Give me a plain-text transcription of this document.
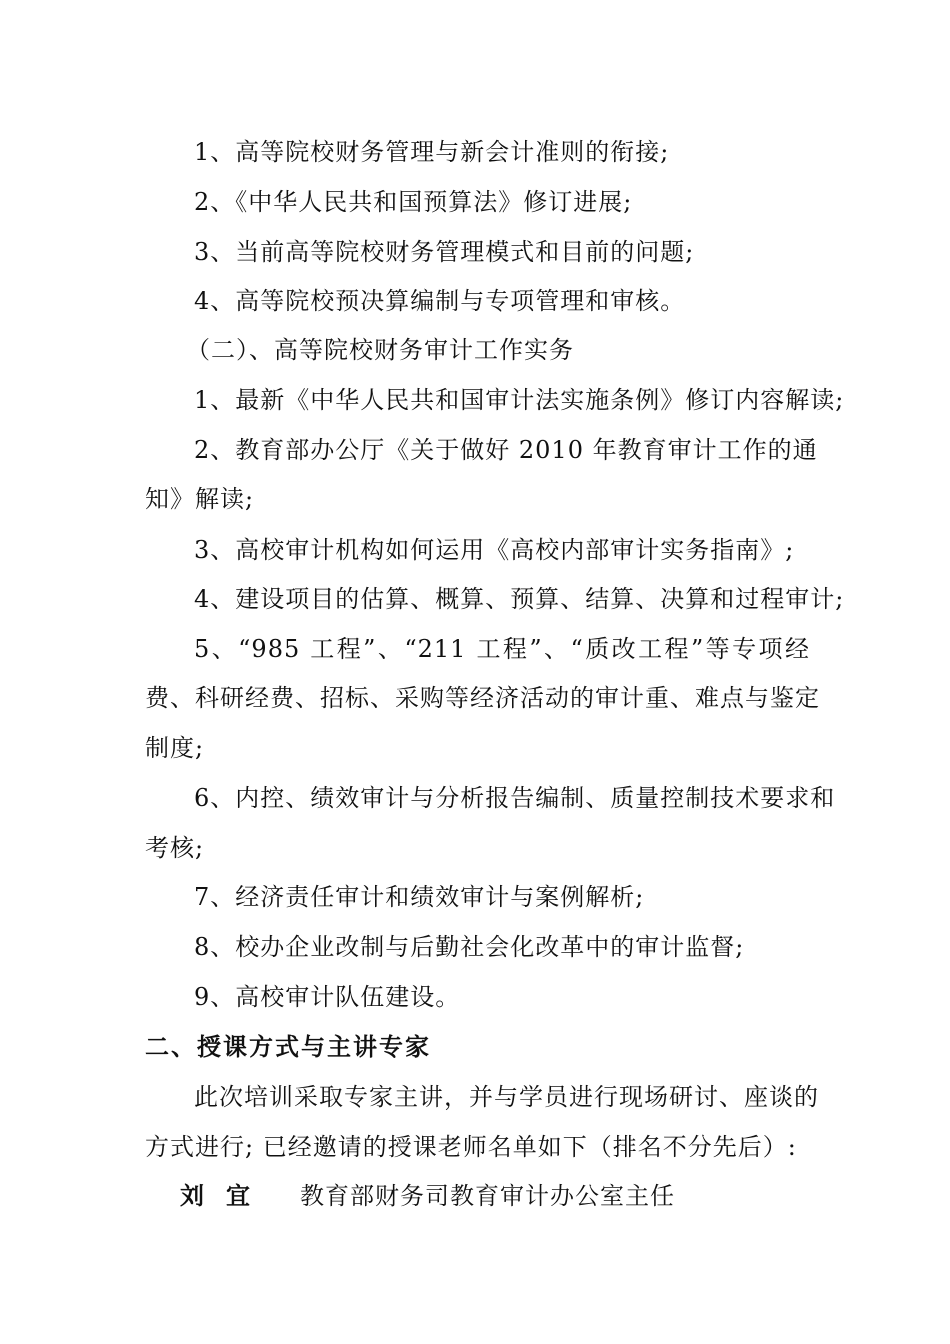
1、高等院校财务管理与新会计准则的衔接;
2、《中华人民共和国预算法》修订进展;
3、当前高等院校财务管理模式和目前的问题;
4、高等院校预决算编制与专项管理和审核。
（二）、高等院校财务审计工作实务
1、最新《中华人民共和国审计法实施条例》修订内容解读;
2、教育部办公厅《关于做好 2010 年教育审计工作的通
知》解读;
3、高校审计机构如何运用《高校内部审计实务指南》;
4、建设项目的估算、概算、预算、结算、决算和过程审计;
5、“985 工程”、“211 工程”、“质改工程”等专项经
费、科研经费、招标、采购等经济活动的审计重、难点与鉴定
制度;
6、内控、绩效审计与分析报告编制、质量控制技术要求和
考核;
7、经济责任审计和绩效审计与案例解析;
8、校办企业改制与后勤社会化改革中的审计监督;
9、高校审计队伍建设。
二、授课方式与主讲专家
此次培训采取专家主讲，并与学员进行现场研讨、座谈的
方式进行; 已经邀请的授课老师名单如下（排名不分先后）:
刘宜	教育部财务司教育审计办公室主任
